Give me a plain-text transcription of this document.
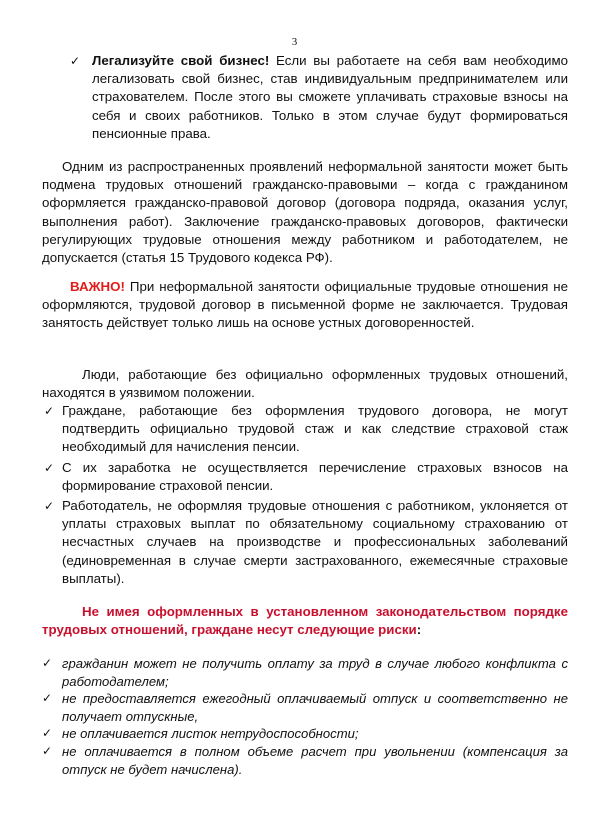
3
✓ Легализуйте свой бизнес! Если вы работаете на себя вам необходимо легализовать свой бизнес, став индивидуальным предпринимателем или страхователем. После этого вы сможете уплачивать страховые взносы на себя и своих работников. Только в этом случае будут формироваться пенсионные права.
Одним из распространенных проявлений неформальной занятости может быть подмена трудовых отношений гражданско-правовыми – когда с гражданином оформляется гражданско-правовой договор (договора подряда, оказания услуг, выполнения работ). Заключение гражданско-правовых договоров, фактически регулирующих трудовые отношения между работником и работодателем, не допускается (статья 15 Трудового кодекса РФ).
ВАЖНО! При неформальной занятости официальные трудовые отношения не оформляются, трудовой договор в письменной форме не заключается. Трудовая занятость действует только лишь на основе устных договоренностей.
Люди, работающие без официально оформленных трудовых отношений, находятся в уязвимом положении.
✓ Граждане, работающие без оформления трудового договора, не могут подтвердить официально трудовой стаж и как следствие страховой стаж необходимый для начисления пенсии.
✓ С их заработка не осуществляется перечисление страховых взносов на формирование страховой пенсии.
✓ Работодатель, не оформляя трудовые отношения с работником, уклоняется от уплаты страховых выплат по обязательному социальному страхованию от несчастных случаев на производстве и профессиональных заболеваний (единовременная в случае смерти застрахованного, ежемесячные страховые выплаты).
Не имея оформленных в установленном законодательством порядке трудовых отношений, граждане несут следующие риски:
✓ гражданин может не получить оплату за труд в случае любого конфликта с работодателем;
✓ не предоставляется ежегодный оплачиваемый отпуск и соответственно не получает отпускные,
✓ не оплачивается листок нетрудоспособности;
✓ не оплачивается в полном объеме расчет при увольнении (компенсация за отпуск не будет начислена).
